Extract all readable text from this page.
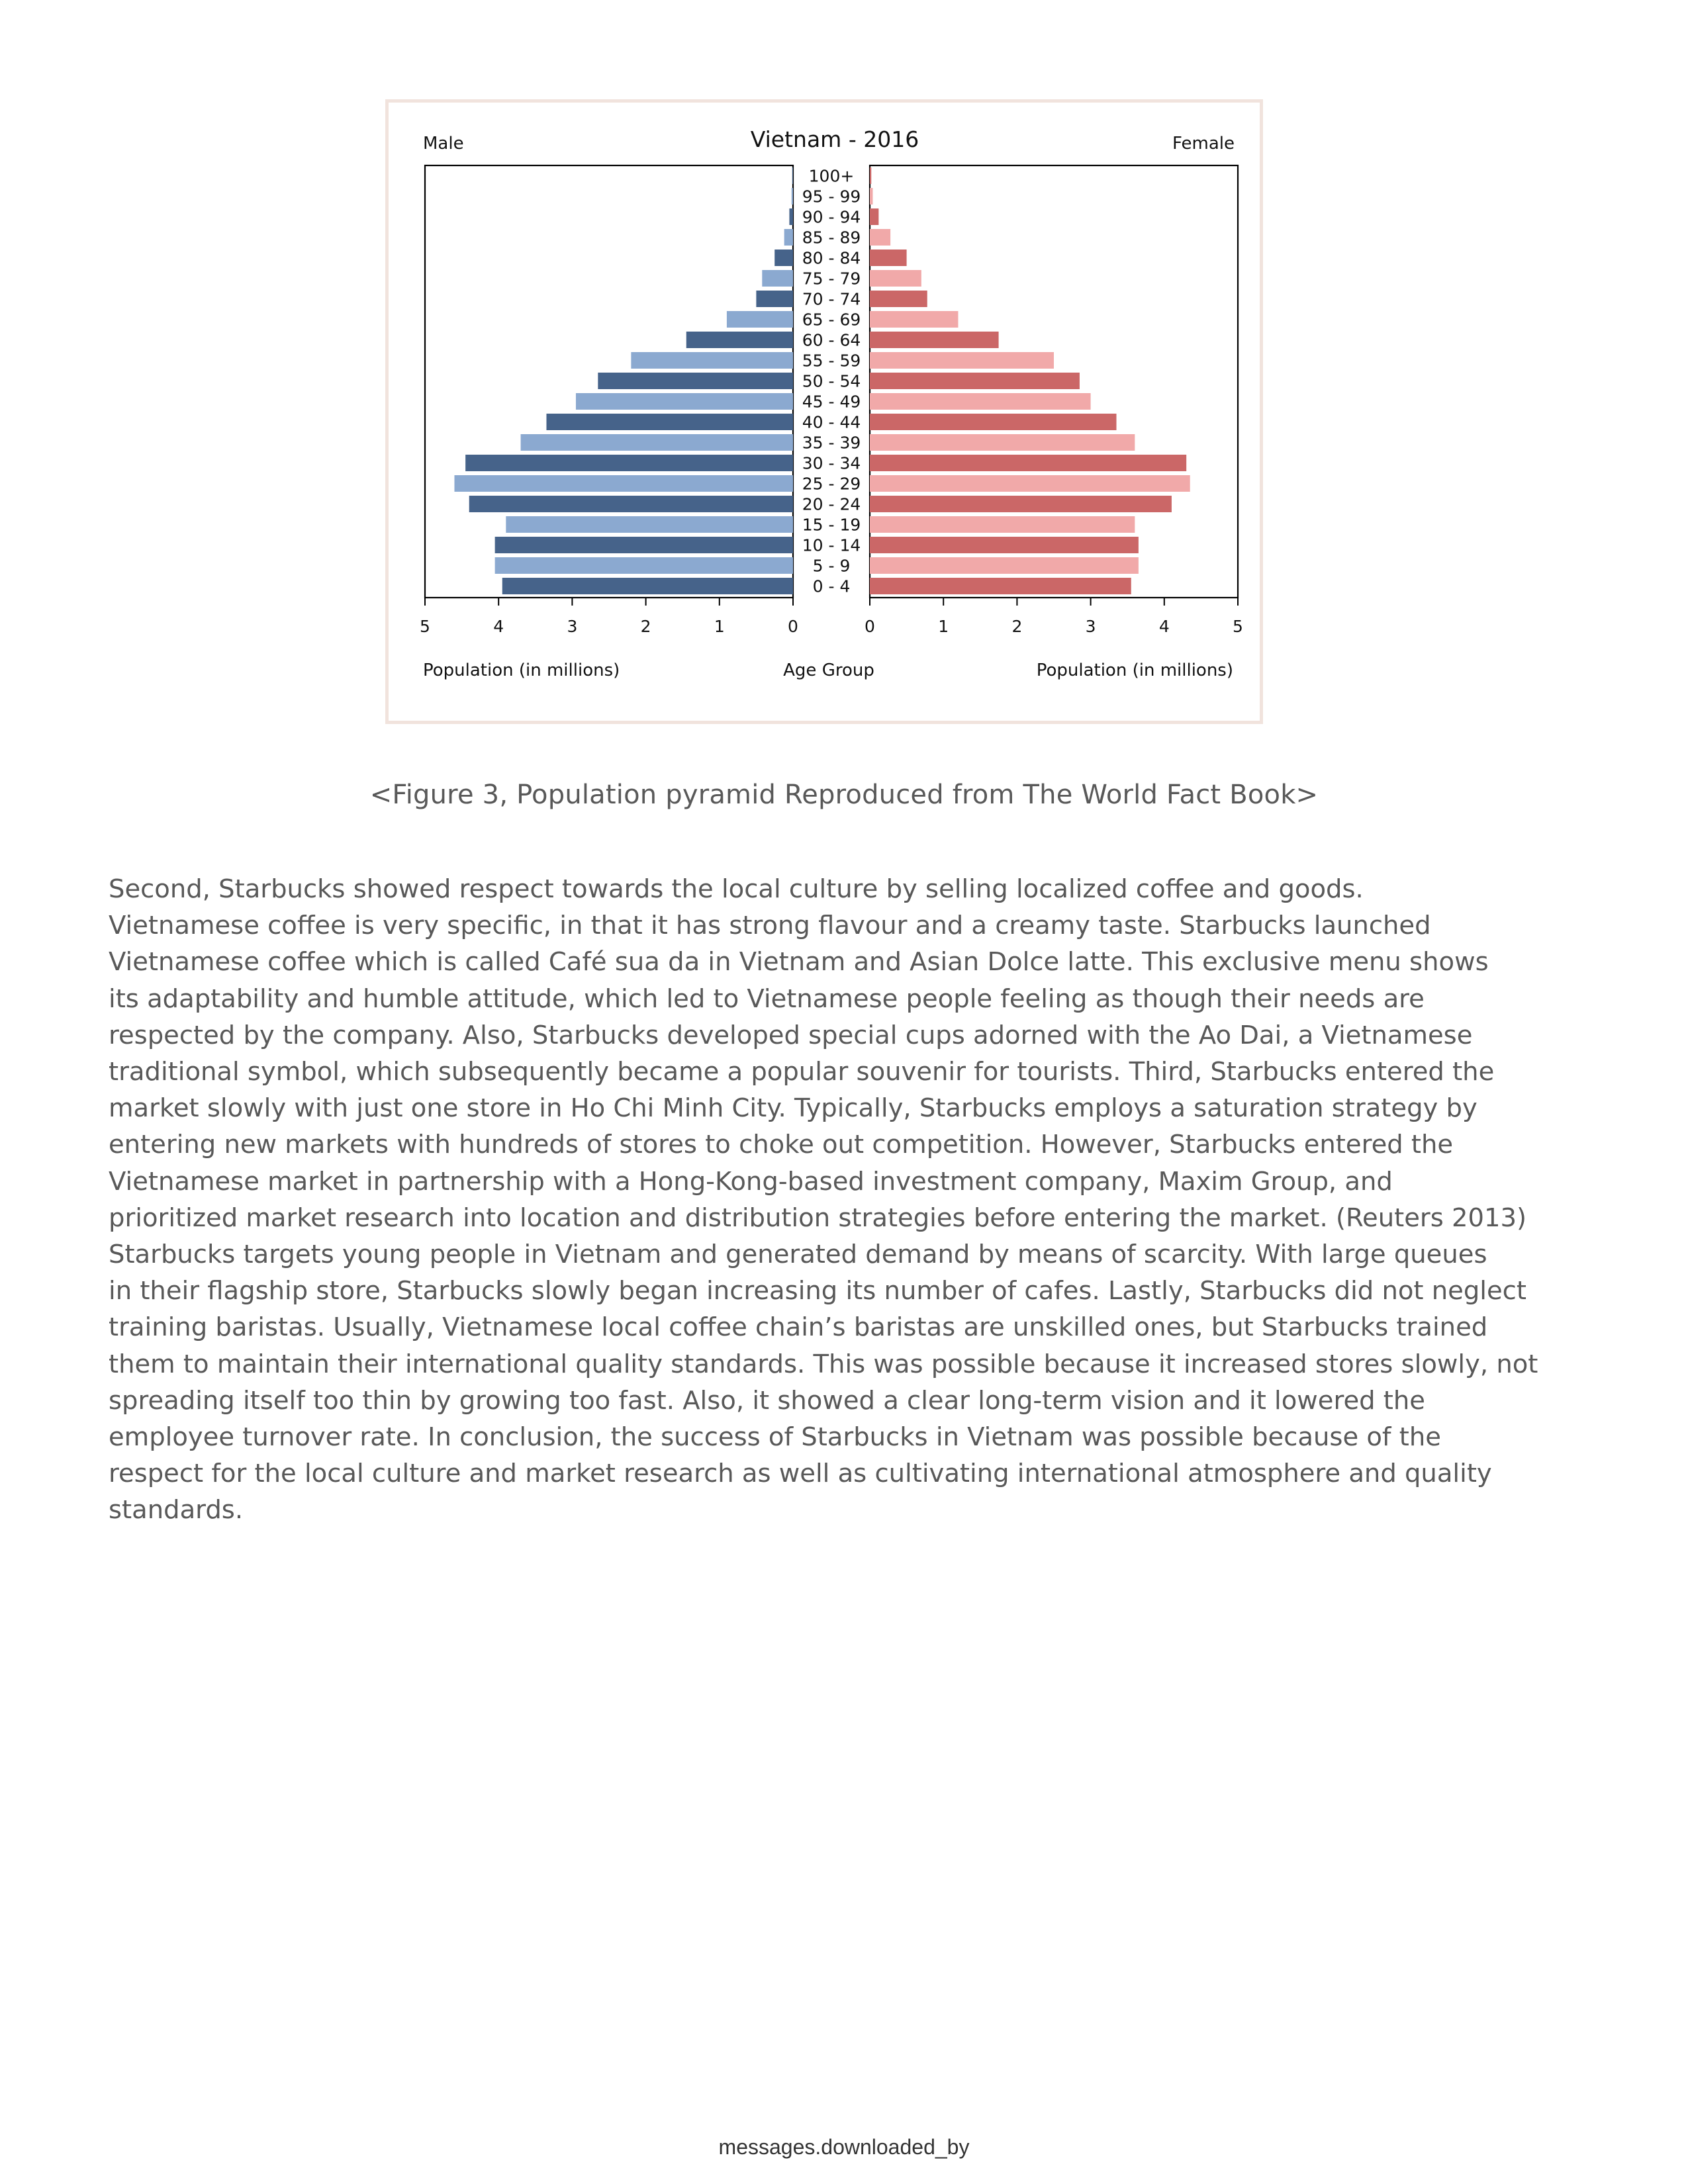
0 - 4
5 - 9
10 - 14
15 - 19
20 - 24
25 - 29
30 - 34
35 - 39
40 - 44
45 - 49
50 - 54
55 - 59
60 - 64
65 - 69
70 - 74
75 - 79
80 - 84
85 - 89
90 - 94
95 - 99
100+
0	0
1	1
2	2
3	3
4	4
5	5
Vietnam - 2016
Male	Female
Population (in millions)	Age Group	Population (in millions)
<Figure 3, Population pyramid Reproduced from The World Fact Book>
Second, Starbucks showed respect towards the local culture by selling localized coffee and goods.
Vietnamese coffee is very specific, in that it has strong flavour and a creamy taste. Starbucks launched
Vietnamese coffee which is called Café sua da in Vietnam and Asian Dolce latte. This exclusive menu shows
its adaptability and humble attitude, which led to Vietnamese people feeling as though their needs are
respected by the company. Also, Starbucks developed special cups adorned with the Ao Dai, a Vietnamese
traditional symbol, which subsequently became a popular souvenir for tourists. Third, Starbucks entered the
market slowly with just one store in Ho Chi Minh City. Typically, Starbucks employs a saturation strategy by
entering new markets with hundreds of stores to choke out competition. However, Starbucks entered the
Vietnamese market in partnership with a Hong-Kong-based investment company, Maxim Group, and
prioritized market research into location and distribution strategies before entering the market. (Reuters 2013)
Starbucks targets young people in Vietnam and generated demand by means of scarcity. With large queues
in their flagship store, Starbucks slowly began increasing its number of cafes. Lastly, Starbucks did not neglect
training baristas. Usually, Vietnamese local coffee chain’s baristas are unskilled ones, but Starbucks trained
them to maintain their international quality standards. This was possible because it increased stores slowly, not
spreading itself too thin by growing too fast. Also, it showed a clear long-term vision and it lowered the
employee turnover rate. In conclusion, the success of Starbucks in Vietnam was possible because of the
respect for the local culture and market research as well as cultivating international atmosphere and quality
standards.
messages.downloaded_by
